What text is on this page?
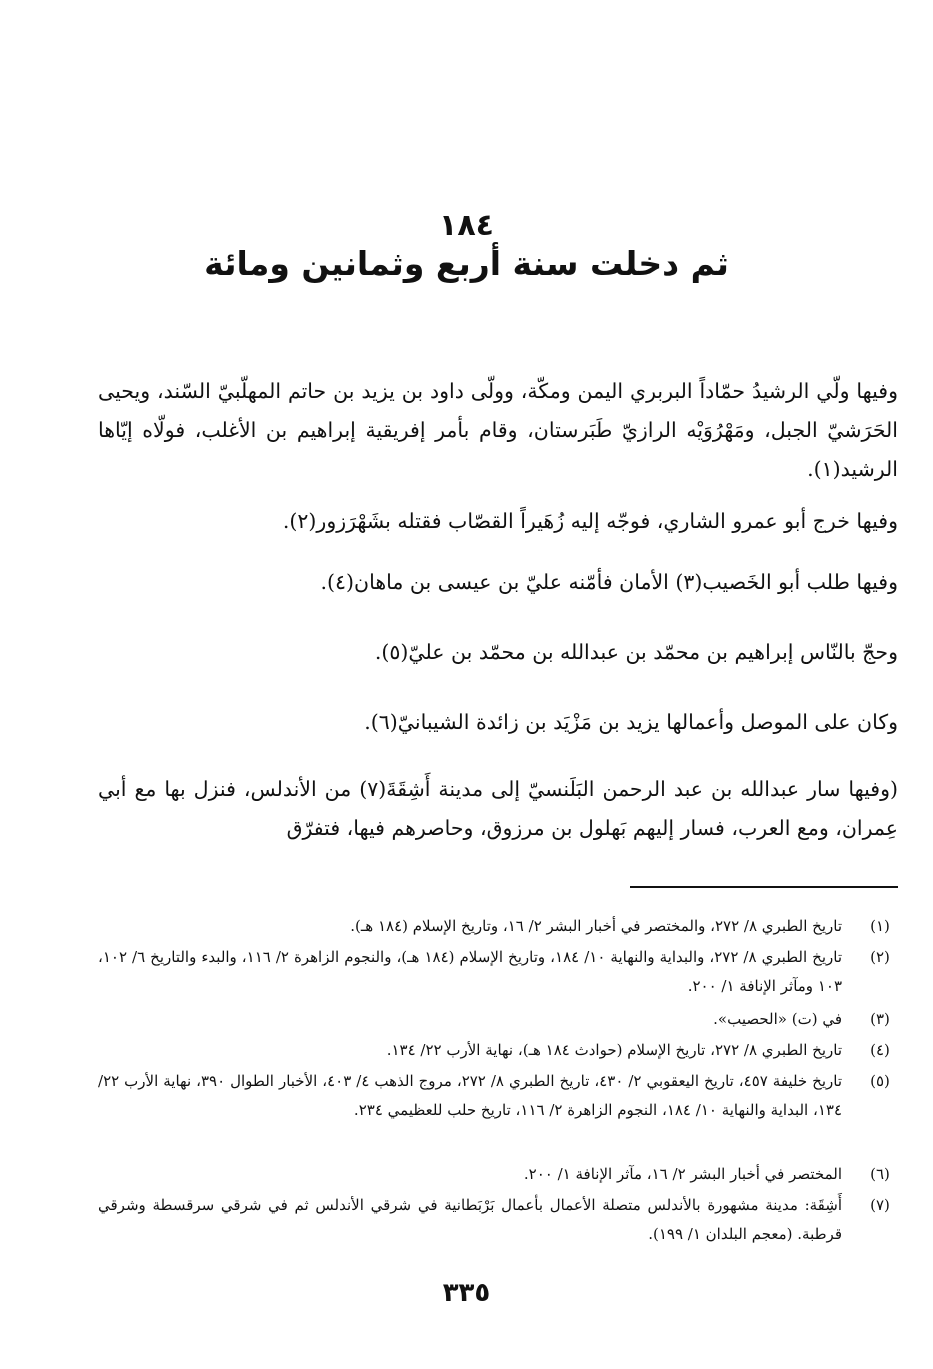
١٨٤
ثم دخلت سنة أربع وثمانين ومائة
وفيها ولّي الرشيدُ حمّاداً البربري اليمن ومكّة، وولّى داود بن يزيد بن حاتم المهلّبيّ السّند، ويحيى الحَرَشيّ الجبل، ومَهْرُوَيْه الرازيّ طَبَرستان، وقام بأمر إفريقية إبراهيم بن الأغلب، فولّاه إيّاها الرشيد(١).
وفيها خرج أبو عمرو الشاري، فوجّه إليه زُهَيراً القصّاب فقتله بشَهْرَزور(٢).
وفيها طلب أبو الخَصيب(٣) الأمان فأمّنه عليّ بن عيسى بن ماهان(٤).
وحجّ بالنّاس إبراهيم بن محمّد بن عبدالله بن محمّد بن عليّ(٥).
وكان على الموصل وأعمالها يزيد بن مَزْيَد بن زائدة الشيبانيّ(٦).
(وفيها سار عبدالله بن عبد الرحمن البَلَنسيّ إلى مدينة أَشِقَةَ(٧) من الأندلس، فنزل بها مع أبي عِمران، ومع العرب، فسار إليهم بَهلول بن مرزوق، وحاصرهم فيها، فتفرّق
(١)
تاريخ الطبري ٨/ ٢٧٢، والمختصر في أخبار البشر ٢/ ١٦، وتاريخ الإسلام (١٨٤ هـ).
(٢)
تاريخ الطبري ٨/ ٢٧٢، والبداية والنهاية ١٠/ ١٨٤، وتاريخ الإسلام (١٨٤ هـ)، والنجوم الزاهرة ٢/ ١١٦، والبدء والتاريخ ٦/ ١٠٢، ١٠٣ ومآثر الإنافة ١/ ٢٠٠.
(٣)
في (ت) «الحصيب».
(٤)
تاريخ الطبري ٨/ ٢٧٢، تاريخ الإسلام (حوادث ١٨٤ هـ)، نهاية الأرب ٢٢/ ١٣٤.
(٥)
تاريخ خليفة ٤٥٧، تاريخ اليعقوبي ٢/ ٤٣٠، تاريخ الطبري ٨/ ٢٧٢، مروج الذهب ٤/ ٤٠٣، الأخبار الطوال ٣٩٠، نهاية الأرب ٢٢/ ١٣٤، البداية والنهاية ١٠/ ١٨٤، النجوم الزاهرة ٢/ ١١٦، تاريخ حلب للعظيمي ٢٣٤.
(٦)
المختصر في أخبار البشر ٢/ ١٦، مآثر الإنافة ١/ ٢٠٠.
(٧)
أَشِقَة: مدينة مشهورة بالأندلس متصلة الأعمال بأعمال بَرْبَطانية في شرقي الأندلس ثم في شرقي سرقسطة وشرقي قرطبة. (معجم البلدان ١/ ١٩٩).
٣٣٥
